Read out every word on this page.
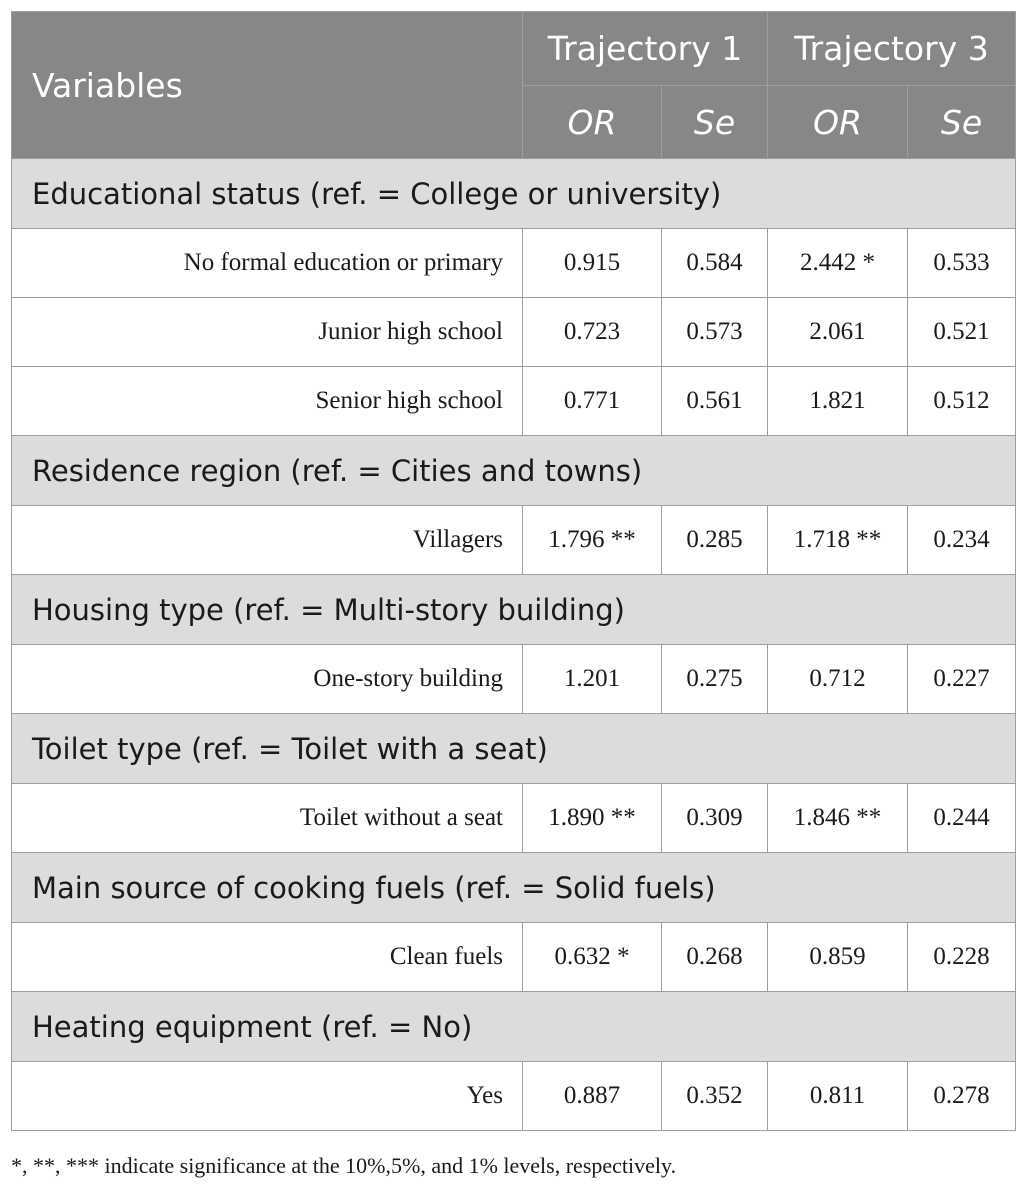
Variables	Trajectory 1		Trajectory 3	
	OR	Se	OR	Se
Educational status (ref. = College or university)				
No formal education or primary	0.915	0.584	2.442 *	0.533
Junior high school	0.723	0.573	2.061	0.521
Senior high school	0.771	0.561	1.821	0.512
Residence region (ref. = Cities and towns)				
Villagers	1.796 **	0.285	1.718 **	0.234
Housing type (ref. = Multi-story building)				
One-story building	1.201	0.275	0.712	0.227
Toilet type (ref. = Toilet with a seat)				
Toilet without a seat	1.890 **	0.309	1.846 **	0.244
Main source of cooking fuels (ref. = Solid fuels)				
Clean fuels	0.632 *	0.268	0.859	0.228
Heating equipment (ref. = No)				
Yes	0.887	0.352	0.811	0.278
*, **, *** indicate significance at the 10%,5%, and 1% levels, respectively.
